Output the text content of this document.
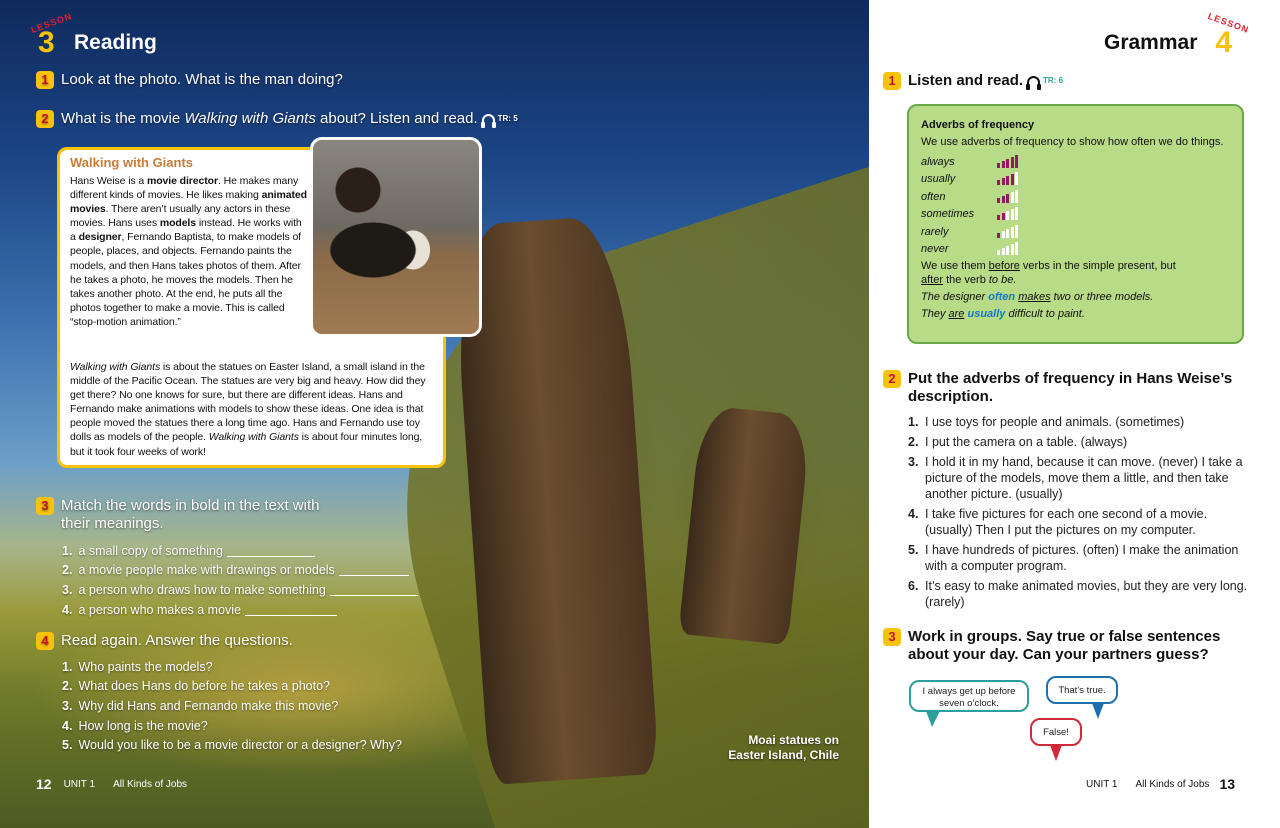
LESSON
3 Reading
1 Look at the photo. What is the man doing?
2 What is the movie Walking with Giants about? Listen and read.	TR: 5
Walking with Giants
Hans Weise is a movie director. He makes many different kinds of movies. He likes making animated movies. There aren’t usually any actors in these movies. Hans uses models instead. He works with a designer, Fernando Baptista, to make models of people, places, and objects. Fernando paints the models, and then Hans takes photos of them. After he takes a photo, he moves the models. Then he takes another photo. At the end, he puts all the photos together to make a movie. This is called “stop-motion animation.”
Walking with Giants is about the statues on Easter Island, a small island in the middle of the Pacific Ocean. The statues are very big and heavy. How did they get there? No one knows for sure, but there are different ideas. Hans and Fernando make animations with models to show these ideas. One idea is that people moved the statues there a long time ago. Hans and Fernando use toy dolls as models of the people. Walking with Giants is about four minutes long, but it took four weeks of work!
3 Match the words in bold in the text with
their meanings.
1. a small copy of something
2. a movie people make with drawings or models
3. a person who draws how to make something
4. a person who makes a movie
4 Read again. Answer the questions.
1. Who paints the models?
2. What does Hans do before he takes a photo?
3. Why did Hans and Fernando make this movie?
4. How long is the movie?
5. Would you like to be a movie director or a designer? Why?	Moai statues on
Easter Island, Chile
12 UNIT 1 All Kinds of Jobs
Grammar
LESSON
4
1 Listen and read.	TR: 6
Adverbs of frequency
We use adverbs of frequency to show how often we do things.
always
usually
often
sometimes
rarely
never
We use them before verbs in the simple present, but
after the verb to be.
The designer often makes two or three models.
They are usually difficult to paint.
2 Put the adverbs of frequency in Hans Weise’s
description.
1. I use toys for people and animals. (sometimes)
2. I put the camera on a table. (always)
3. I hold it in my hand, because it can move. (never) I take a picture of the models, move them a little, and then take another picture. (usually)
4. I take five pictures for each one second of a movie. (usually) Then I put the pictures on my computer.
5. I have hundreds of pictures. (often) I make the animation with a computer program.
6. It’s easy to make animated movies, but they are very long. (rarely)
3 Work in groups. Say true or false sentences
about your day. Can your partners guess?
I always get up before seven o’clock.
That’s true.
False!
UNIT 1 All Kinds of Jobs 13
